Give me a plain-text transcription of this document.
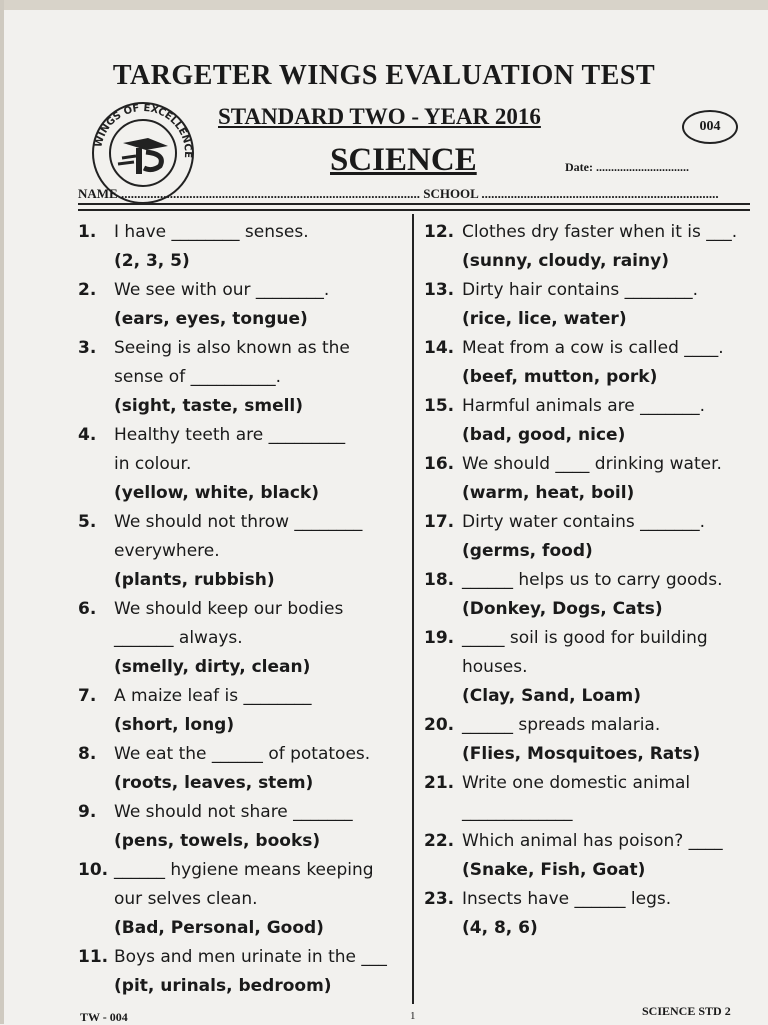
TARGETER WINGS EVALUATION TEST
WINGS OF EXCELLENCE
STANDARD TWO - YEAR 2016	004
SCIENCE	Date: ...............................
NAME ............................................................................................ SCHOOL .........................................................................
1. I have ________ senses.
(2, 3, 5)
2. We see with our ________.
(ears, eyes, tongue)
3. Seeing is also known as the
sense of __________.
(sight, taste, smell)
4. Healthy teeth are _________
in colour.
(yellow, white, black)
5. We should not throw ________
everywhere.
(plants, rubbish)
6. We should keep our bodies
_______ always.
(smelly, dirty, clean)
7. A maize leaf is ________
(short, long)
8. We eat the ______ of potatoes.
(roots, leaves, stem)
9. We should not share _______
(pens, towels, books)
10. ______ hygiene means keeping
our selves clean.
(Bad, Personal, Good)
11. Boys and men urinate in the ___
(pit, urinals, bedroom)
12. Clothes dry faster when it is ___.
(sunny, cloudy, rainy)
13. Dirty hair contains ________.
(rice, lice, water)
14. Meat from a cow is called ____.
(beef, mutton, pork)
15. Harmful animals are _______.
(bad, good, nice)
16. We should ____ drinking water.
(warm, heat, boil)
17. Dirty water contains _______.
(germs, food)
18. ______ helps us to carry goods.
(Donkey, Dogs, Cats)
19. _____ soil is good for building
houses.
(Clay, Sand, Loam)
20. ______ spreads malaria.
(Flies, Mosquitoes, Rats)
21. Write one domestic animal
_____________
22. Which animal has poison? ____
(Snake, Fish, Goat)
23. Insects have ______ legs.
(4, 8, 6)
TW - 004	1	SCIENCE STD 2
